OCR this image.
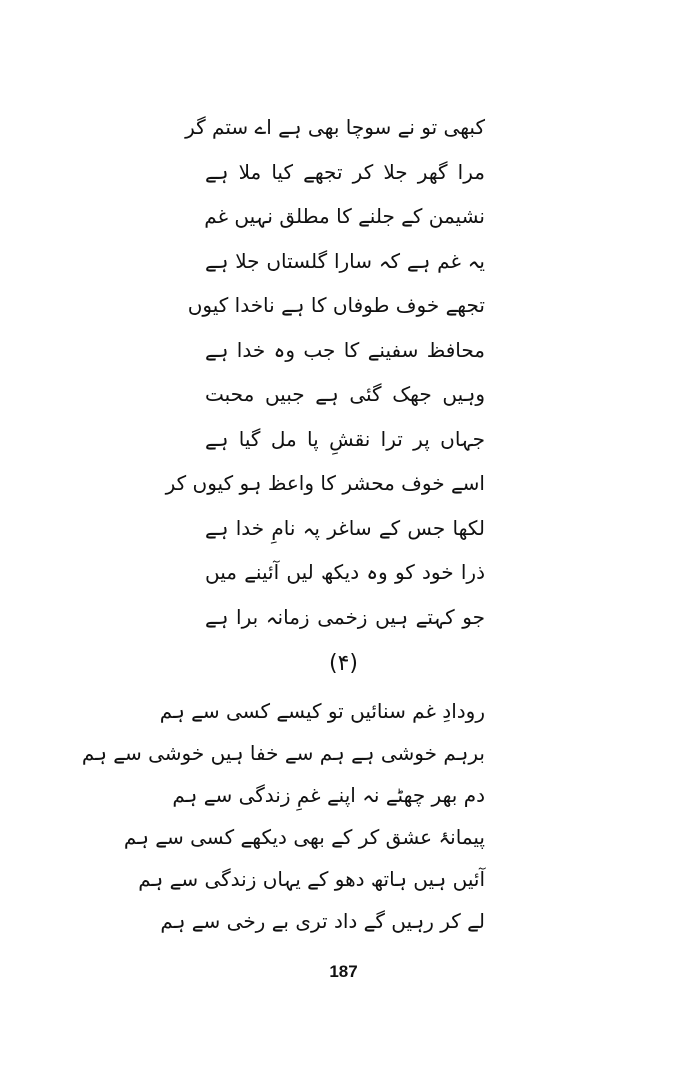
کبھی تو نے سوچا بھی ہے اے ستم گر
مرا گھر جلا کر تجھے کیا ملا ہے
نشیمن کے جلنے کا مطلق نہیں غم
یہ غم ہے کہ سارا گلستاں جلا ہے
تجھے خوف طوفاں کا ہے ناخدا کیوں
محافظ سفینے کا جب وہ خدا ہے
وہیں جھک گئی ہے جبیں محبت
جہاں پر ترا نقشِ پا مل گیا ہے
اسے خوف محشر کا واعظ ہو کیوں کر
لکھا جس کے ساغر پہ نامِ خدا ہے
ذرا خود کو وہ دیکھ لیں آئینے میں
جو کہتے ہیں زخمی زمانہ برا ہے
(۴)
رودادِ غم سنائیں تو کیسے کسی سے ہم
برہم خوشی ہے ہم سے خفا ہیں خوشی سے ہم
دم بھر چھٹے نہ اپنے غمِ زندگی سے ہم
پیمانۂ عشق کر کے بھی دیکھے کسی سے ہم
آئیں ہیں ہاتھ دھو کے یہاں زندگی سے ہم
لے کر رہیں گے داد تری بے رخی سے ہم
187
